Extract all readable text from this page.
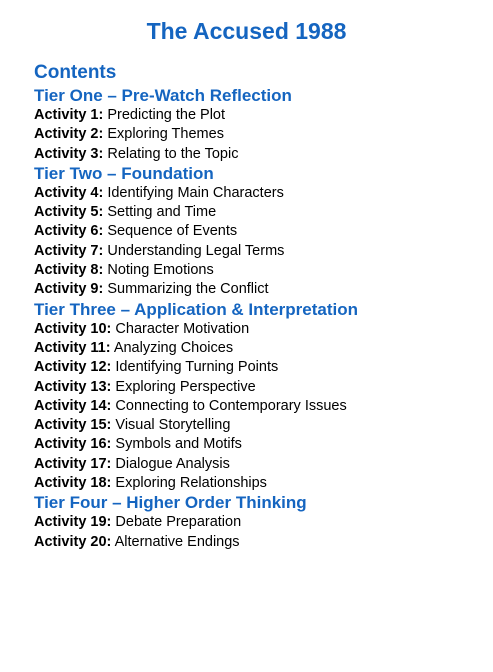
The Accused 1988
Contents
Tier One – Pre-Watch Reflection

Activity 1: Predicting the Plot

Activity 2: Exploring Themes

Activity 3: Relating to the Topic

Tier Two – Foundation

Activity 4: Identifying Main Characters

Activity 5: Setting and Time

Activity 6: Sequence of Events

Activity 7: Understanding Legal Terms

Activity 8: Noting Emotions

Activity 9: Summarizing the Conflict

Tier Three – Application & Interpretation

Activity 10: Character Motivation

Activity 11: Analyzing Choices

Activity 12: Identifying Turning Points

Activity 13: Exploring Perspective

Activity 14: Connecting to Contemporary Issues

Activity 15: Visual Storytelling

Activity 16: Symbols and Motifs

Activity 17: Dialogue Analysis

Activity 18: Exploring Relationships

Tier Four – Higher Order Thinking

Activity 19: Debate Preparation

Activity 20: Alternative Endings
